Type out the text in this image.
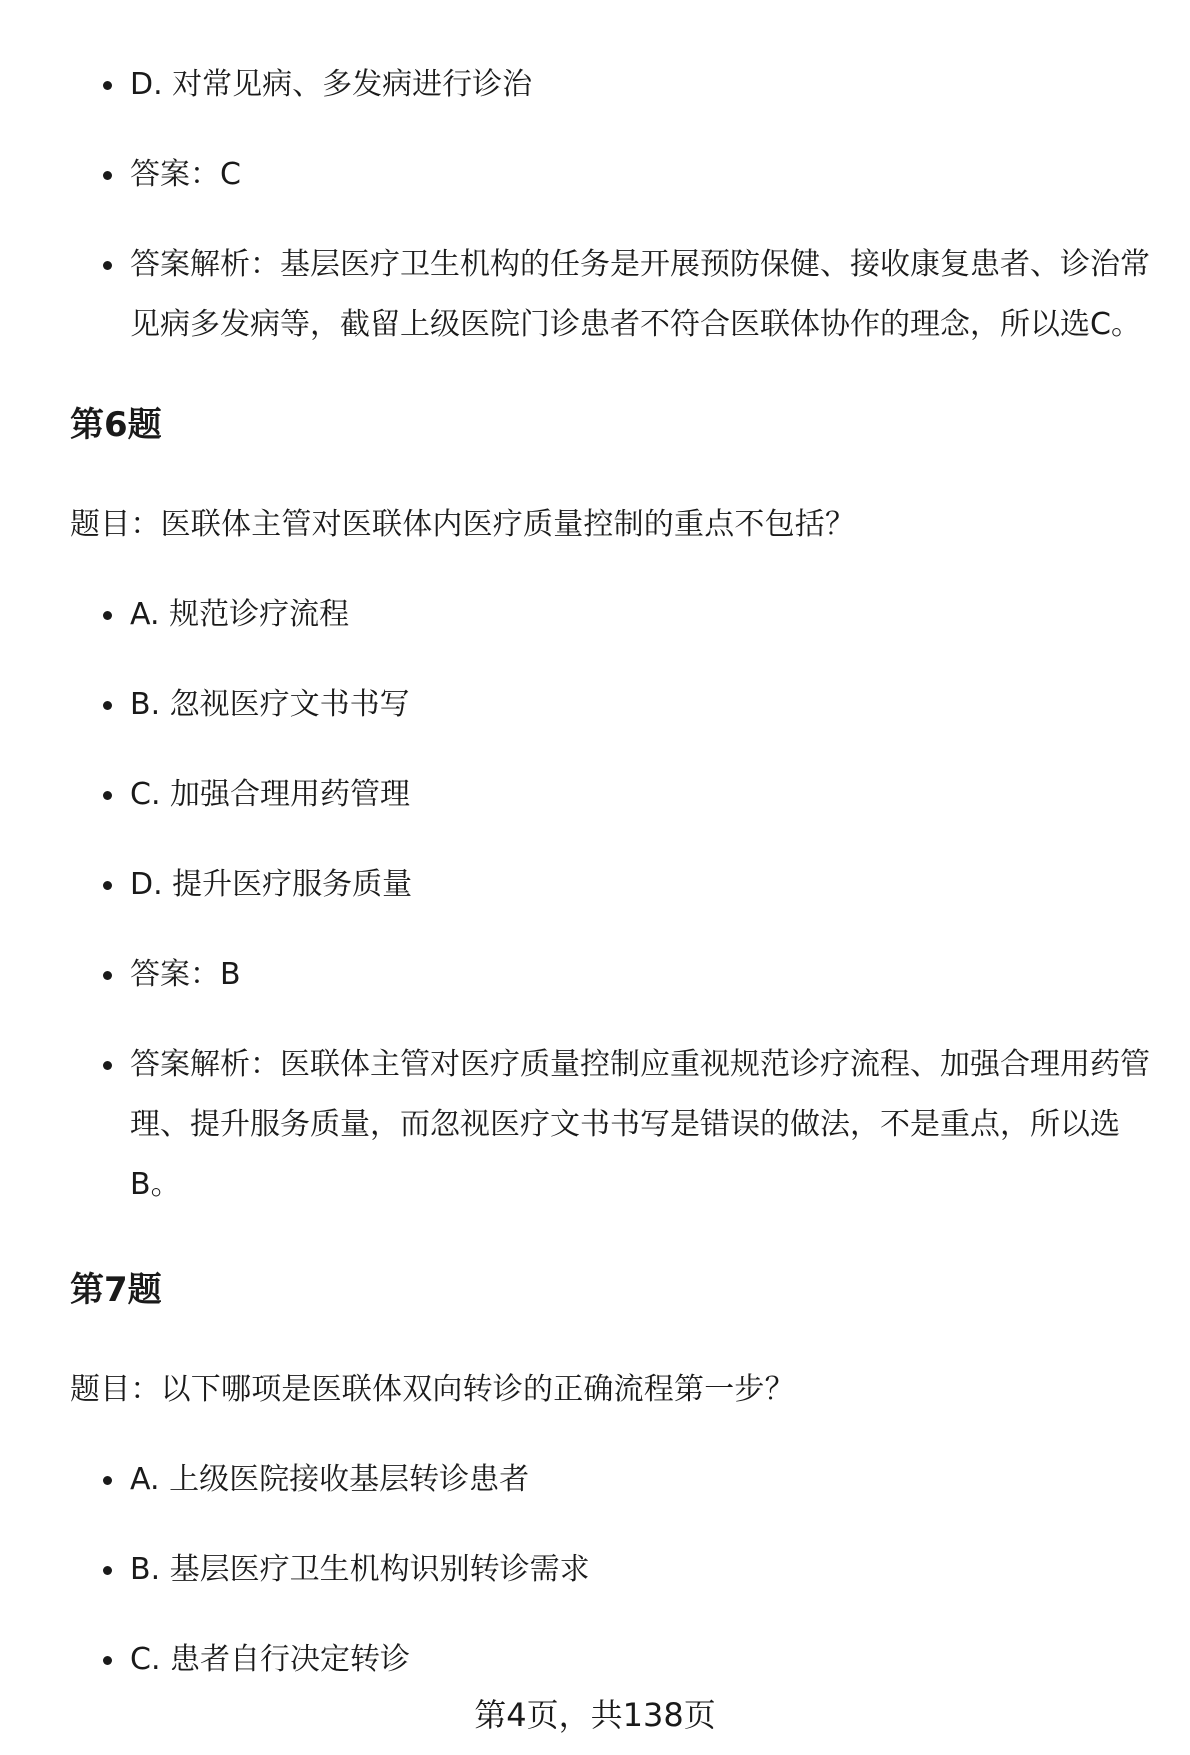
D. 对常见病、多发病进行诊治
答案：C
答案解析：基层医疗卫生机构的任务是开展预防保健、接收康复患者、诊治常
见病多发病等，截留上级医院门诊患者不符合医联体协作的理念，所以选C。
第6题
题目：医联体主管对医联体内医疗质量控制的重点不包括？
A. 规范诊疗流程
B. 忽视医疗文书书写
C. 加强合理用药管理
D. 提升医疗服务质量
答案：B
答案解析：医联体主管对医疗质量控制应重视规范诊疗流程、加强合理用药管
理、提升服务质量，而忽视医疗文书书写是错误的做法，不是重点，所以选
B。
第7题
题目：以下哪项是医联体双向转诊的正确流程第一步？
A. 上级医院接收基层转诊患者
B. 基层医疗卫生机构识别转诊需求
C. 患者自行决定转诊
第4页，共138页
